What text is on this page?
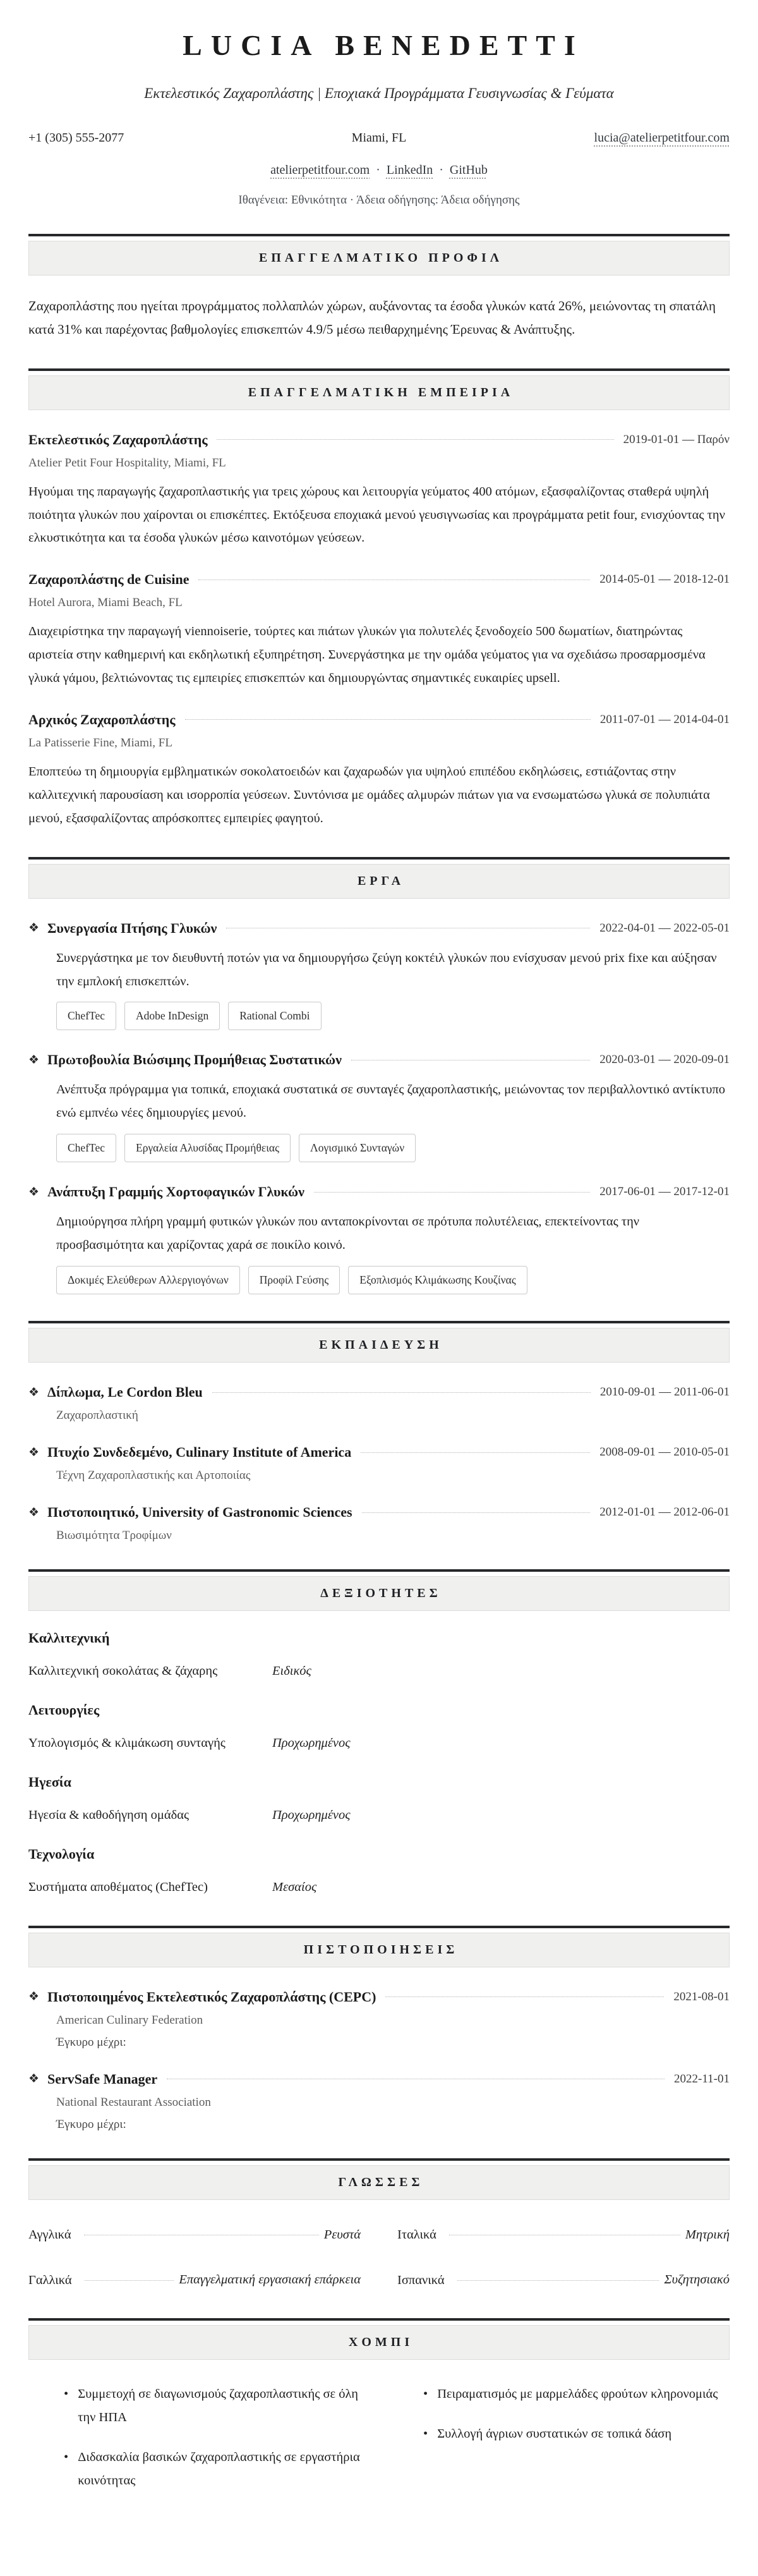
LUCIA BENEDETTI
Εκτελεστικός Ζαχαροπλάστης | Εποχιακά Προγράμματα Γευσιγνωσίας & Γεύματα
+1 (305) 555-2077	Miami, FL	lucia@atelierpetitfour.com
atelierpetitfour.com · LinkedIn · GitHub
Ιθαγένεια: Εθνικότητα · Άδεια οδήγησης: Άδεια οδήγησης
ΕΠΑΓΓΕΛΜΑΤΙΚΟ ΠΡΟΦΙΛ

Ζαχαροπλάστης που ηγείται προγράμματος πολλαπλών χώρων, αυξάνοντας τα έσοδα γλυκών κατά 26%, μειώνοντας τη σπατάλη κατά 31% και παρέχοντας βαθμολογίες επισκεπτών 4.9/5 μέσω πειθαρχημένης Έρευνας & Ανάπτυξης.

ΕΠΑΓΓΕΛΜΑΤΙΚΗ ΕΜΠΕΙΡΙΑ
Εκτελεστικός Ζαχαροπλάστης	2019-01-01 — Παρόν
Atelier Petit Four Hospitality, Miami, FL

Ηγούμαι της παραγωγής ζαχαροπλαστικής για τρεις χώρους και λειτουργία γεύματος 400 ατόμων, εξασφαλίζοντας σταθερά υψηλή ποιότητα γλυκών που χαίρονται οι επισκέπτες. Εκτόξευσα εποχιακά μενού γευσιγνωσίας και προγράμματα petit four, ενισχύοντας την ελκυστικότητα και τα έσοδα γλυκών μέσω καινοτόμων γεύσεων.

Ζαχαροπλάστης de Cuisine	2014-05-01 — 2018-12-01
Hotel Aurora, Miami Beach, FL

Διαχειρίστηκα την παραγωγή viennoiserie, τούρτες και πιάτων γλυκών για πολυτελές ξενοδοχείο 500 δωματίων, διατηρώντας αριστεία στην καθημερινή και εκδηλωτική εξυπηρέτηση. Συνεργάστηκα με την ομάδα γεύματος για να σχεδιάσω προσαρμοσμένα γλυκά γάμου, βελτιώνοντας τις εμπειρίες επισκεπτών και δημιουργώντας σημαντικές ευκαιρίες upsell.

Αρχικός Ζαχαροπλάστης	2011-07-01 — 2014-04-01
La Patisserie Fine, Miami, FL

Εποπτεύω τη δημιουργία εμβληματικών σοκολατοειδών και ζαχαρωδών για υψηλού επιπέδου εκδηλώσεις, εστιάζοντας στην καλλιτεχνική παρουσίαση και ισορροπία γεύσεων. Συντόνισα με ομάδες αλμυρών πιάτων για να ενσωματώσω γλυκά σε πολυπιάτα μενού, εξασφαλίζοντας απρόσκοπτες εμπειρίες φαγητού.

ΕΡΓΑ
❖ Συνεργασία Πτήσης Γλυκών	2022-04-01 — 2022-05-01

Συνεργάστηκα με τον διευθυντή ποτών για να δημιουργήσω ζεύγη κοκτέιλ γλυκών που ενίσχυσαν μενού prix fixe και αύξησαν την εμπλοκή επισκεπτών.

ChefTec	Adobe InDesign	Rational Combi
❖ Πρωτοβουλία Βιώσιμης Προμήθειας Συστατικών	2020-03-01 — 2020-09-01

Ανέπτυξα πρόγραμμα για τοπικά, εποχιακά συστατικά σε συνταγές ζαχαροπλαστικής, μειώνοντας τον περιβαλλοντικό αντίκτυπο ενώ εμπνέω νέες δημιουργίες μενού.

ChefTec	Εργαλεία Αλυσίδας Προμήθειας	Λογισμικό Συνταγών
❖ Ανάπτυξη Γραμμής Χορτοφαγικών Γλυκών	2017-06-01 — 2017-12-01

Δημιούργησα πλήρη γραμμή φυτικών γλυκών που ανταποκρίνονται σε πρότυπα πολυτέλειας, επεκτείνοντας την προσβασιμότητα και χαρίζοντας χαρά σε ποικίλο κοινό.

Δοκιμές Ελεύθερων Αλλεργιογόνων	Προφίλ Γεύσης	Εξοπλισμός Κλιμάκωσης Κουζίνας
ΕΚΠΑΙΔΕΥΣΗ
❖ Δίπλωμα, Le Cordon Bleu	2010-09-01 — 2011-06-01
Ζαχαροπλαστική
❖ Πτυχίο Συνδεδεμένο, Culinary Institute of America	2008-09-01 — 2010-05-01
Τέχνη Ζαχαροπλαστικής και Αρτοποιίας
❖ Πιστοποιητικό, University of Gastronomic Sciences	2012-01-01 — 2012-06-01
Βιωσιμότητα Τροφίμων
ΔΕΞΙΟΤΗΤΕΣ
Καλλιτεχνική
Καλλιτεχνική σοκολάτας & ζάχαρης	Ειδικός
Λειτουργίες
Υπολογισμός & κλιμάκωση συνταγής	Προχωρημένος
Ηγεσία
Ηγεσία & καθοδήγηση ομάδας	Προχωρημένος
Τεχνολογία
Συστήματα αποθέματος (ChefTec)	Μεσαίος
ΠΙΣΤΟΠΟΙΗΣΕΙΣ
❖ Πιστοποιημένος Εκτελεστικός Ζαχαροπλάστης (CEPC)	2021-08-01
American Culinary Federation
Έγκυρο μέχρι:
❖ ServSafe Manager	2022-11-01
National Restaurant Association
Έγκυρο μέχρι:
ΓΛΩΣΣΕΣ
Αγγλικά	Ρευστά	Ιταλικά	Μητρική
Γαλλικά	Επαγγελματική εργασιακή επάρκεια	Ισπανικά	Συζητησιακό
ΧΟΜΠΙ
• Συμμετοχή σε διαγωνισμούς ζαχαροπλαστικής σε όλη την ΗΠΑ
• Διδασκαλία βασικών ζαχαροπλαστικής σε εργαστήρια κοινότητας
• Πειραματισμός με μαρμελάδες φρούτων κληρονομιάς
• Συλλογή άγριων συστατικών σε τοπικά δάση
